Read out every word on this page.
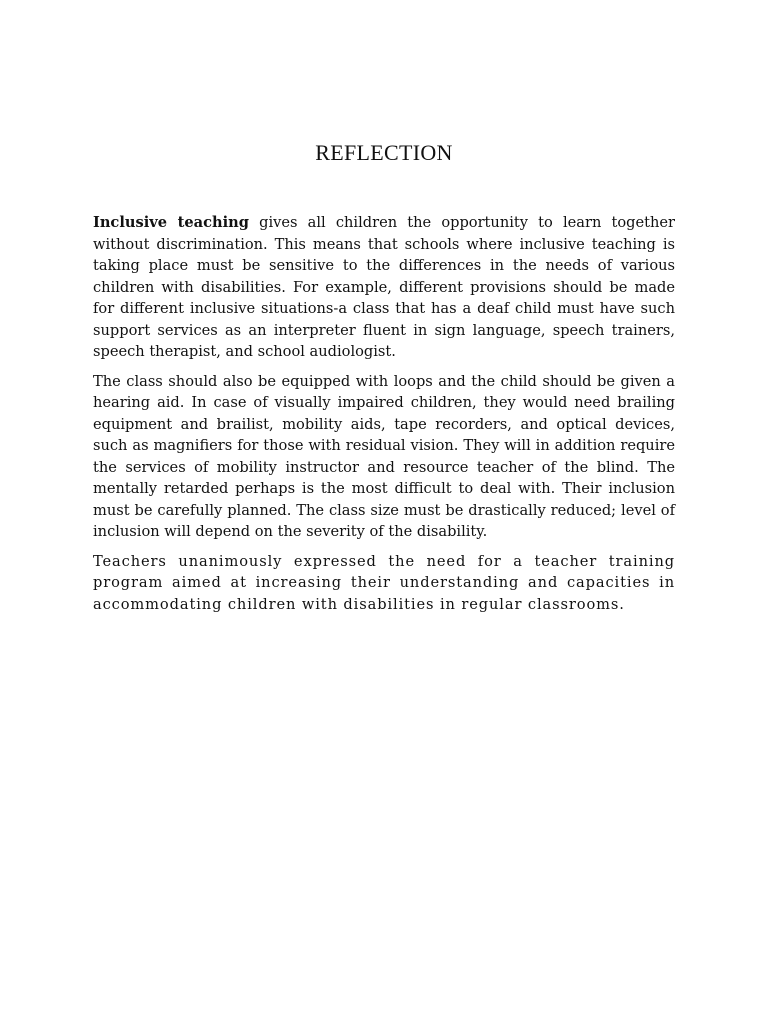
REFLECTION

Inclusive teaching gives all children the opportunity to learn together without discrimination. This means that schools where inclusive teaching is taking place must be sensitive to the differences in the needs of various children with disabilities. For example, different provisions should be made for different inclusive situations-a class that has a deaf child must have such support services as an interpreter fluent in sign language, speech trainers, speech therapist, and school audiologist.

The class should also be equipped with loops and the child should be given a hearing aid. In case of visually impaired children, they would need brailing equipment and brailist, mobility aids, tape recorders, and optical devices, such as magnifiers for those with residual vision. They will in addition require the services of mobility instructor and resource teacher of the blind. The mentally retarded perhaps is the most difficult to deal with. Their inclusion must be carefully planned. The class size must be drastically reduced; level of inclusion will depend on the severity of the disability.

Teachers unanimously expressed the need for a teacher training program aimed at increasing their understanding and capacities in accommodating children with disabilities in regular classrooms.
